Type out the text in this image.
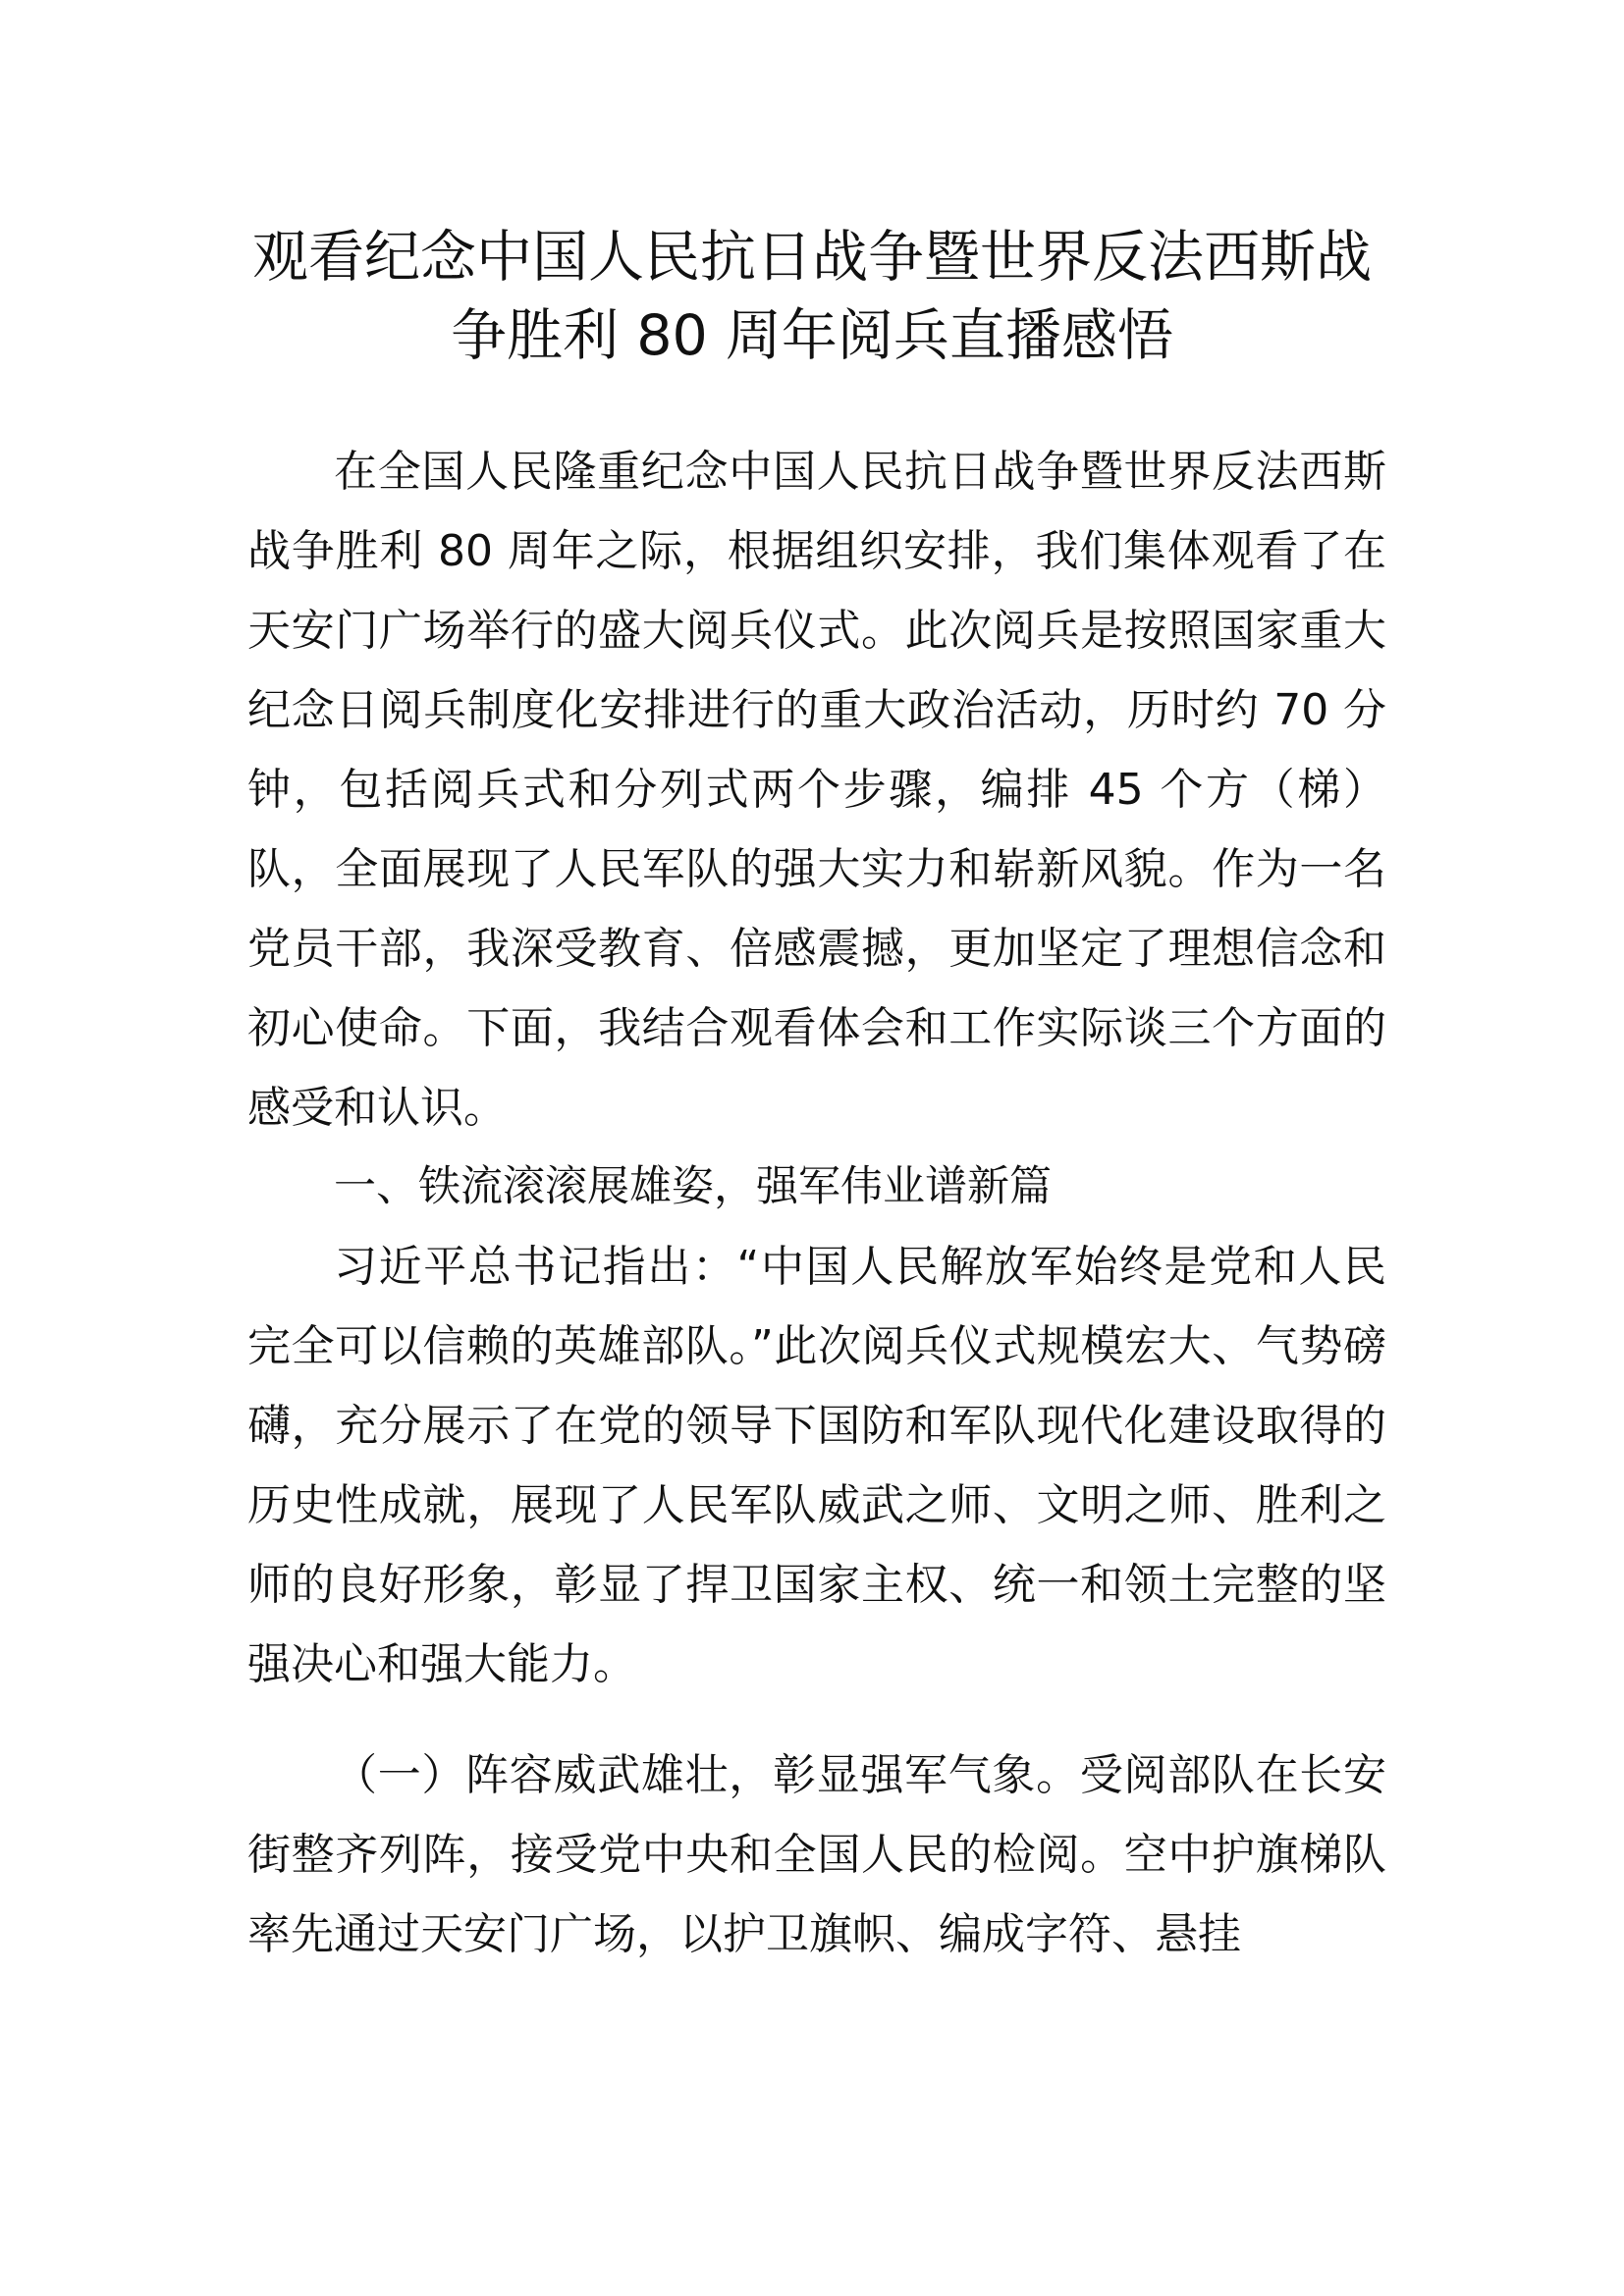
观看纪念中国人民抗日战争暨世界反法西斯战争胜利 80 周年阅兵直播感悟

在全国人民隆重纪念中国人民抗日战争暨世界反法西斯战争胜利 80 周年之际，根据组织安排，我们集体观看了在天安门广场举行的盛大阅兵仪式。此次阅兵是按照国家重大纪念日阅兵制度化安排进行的重大政治活动，历时约 70 分钟，包括阅兵式和分列式两个步骤，编排 45 个方（梯）队，全面展现了人民军队的强大实力和崭新风貌。作为一名党员干部，我深受教育、倍感震撼，更加坚定了理想信念和初心使命。下面，我结合观看体会和工作实际谈三个方面的感受和认识。

一、铁流滚滚展雄姿，强军伟业谱新篇

习近平总书记指出：“中国人民解放军始终是党和人民完全可以信赖的英雄部队。”此次阅兵仪式规模宏大、气势磅礴，充分展示了在党的领导下国防和军队现代化建设取得的历史性成就，展现了人民军队威武之师、文明之师、胜利之师的良好形象，彰显了捍卫国家主权、统一和领土完整的坚强决心和强大能力。

（一）阵容威武雄壮，彰显强军气象。受阅部队在长安街整齐列阵，接受党中央和全国人民的检阅。空中护旗梯队率先通过天安门广场，以护卫旗帜、编成字符、悬挂
